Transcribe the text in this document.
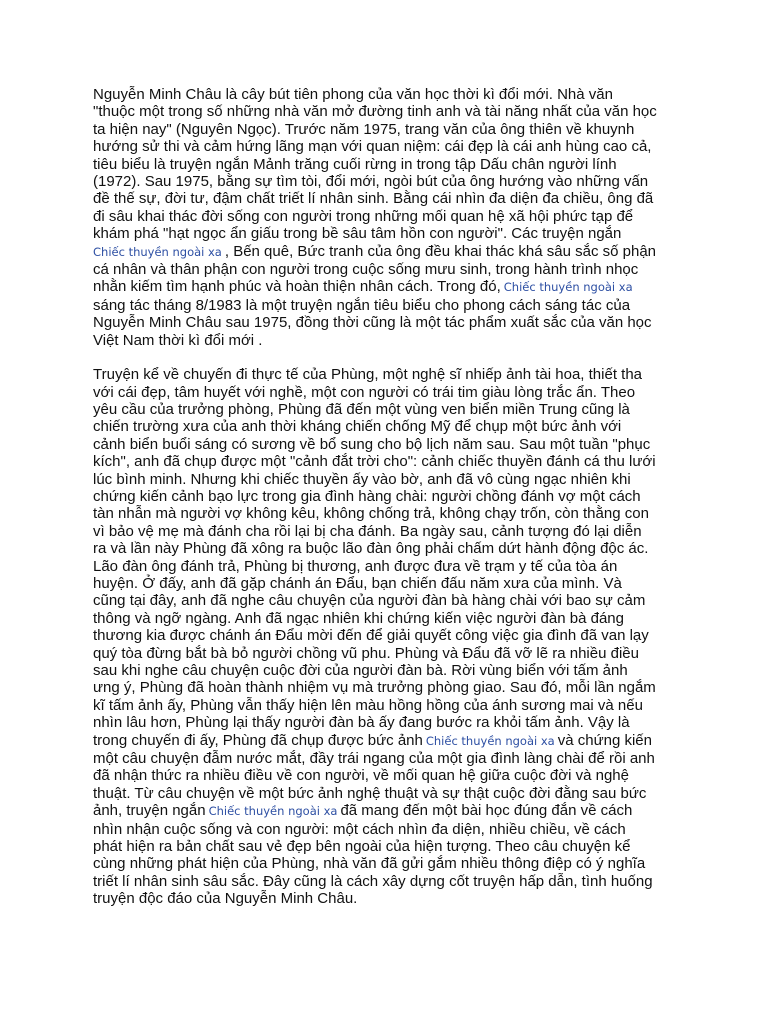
Nguyễn Minh Châu là cây bút tiên phong của văn học thời kì đổi mới. Nhà văn
"thuộc một trong số những nhà văn mở đường tinh anh và tài năng nhất của văn học
ta hiện nay" (Nguyên Ngọc). Trước năm 1975, trang văn của ông thiên về khuynh
hướng sử thi và cảm hứng lãng mạn với quan niệm: cái đẹp là cái anh hùng cao cả,
tiêu biểu là truyện ngắn Mảnh trăng cuối rừng in trong tập Dấu chân người lính
(1972). Sau 1975, bằng sự tìm tòi, đổi mới, ngòi bút của ông hướng vào những vấn
đề thế sự, đời tư, đậm chất triết lí nhân sinh. Bằng cái nhìn đa diện đa chiều, ông đã
đi sâu khai thác đời sống con người trong những mối quan hệ xã hội phức tạp để
khám phá "hạt ngọc ẩn giấu trong bề sâu tâm hồn con người". Các truyện ngắn
Chiếc thuyền ngoài xa , Bến quê, Bức tranh của ông đều khai thác khá sâu sắc số phận
cá nhân và thân phận con người trong cuộc sống mưu sinh, trong hành trình nhọc
nhằn kiếm tìm hạnh phúc và hoàn thiện nhân cách. Trong đó, Chiếc thuyền ngoài xa
sáng tác tháng 8/1983 là một truyện ngắn tiêu biểu cho phong cách sáng tác của
Nguyễn Minh Châu sau 1975, đồng thời cũng là một tác phẩm xuất sắc của văn học
Việt Nam thời kì đổi mới .

Truyện kể về chuyến đi thực tế của Phùng, một nghệ sĩ nhiếp ảnh tài hoa, thiết tha
với cái đẹp, tâm huyết với nghề, một con người có trái tim giàu lòng trắc ẩn. Theo
yêu cầu của trưởng phòng, Phùng đã đến một vùng ven biển miền Trung cũng là
chiến trường xưa của anh thời kháng chiến chống Mỹ để chụp một bức ảnh với
cảnh biển buổi sáng có sương về bổ sung cho bộ lịch năm sau. Sau một tuần "phục
kích", anh đã chụp được một "cảnh đắt trời cho": cảnh chiếc thuyền đánh cá thu lưới
lúc bình minh. Nhưng khi chiếc thuyền ấy vào bờ, anh đã vô cùng ngạc nhiên khi
chứng kiến cảnh bạo lực trong gia đình hàng chài: người chồng đánh vợ một cách
tàn nhẫn mà người vợ không kêu, không chống trả, không chạy trốn, còn thằng con
vì bảo vệ mẹ mà đánh cha rồi lại bị cha đánh. Ba ngày sau, cảnh tượng đó lại diễn
ra và lần này Phùng đã xông ra buộc lão đàn ông phải chấm dứt hành động độc ác.
Lão đàn ông đánh trả, Phùng bị thương, anh được đưa về trạm y tế của tòa án
huyện. Ở đấy, anh đã gặp chánh án Đẩu, bạn chiến đấu năm xưa của mình. Và
cũng tại đây, anh đã nghe câu chuyện của người đàn bà hàng chài với bao sự cảm
thông và ngỡ ngàng. Anh đã ngạc nhiên khi chứng kiến việc người đàn bà đáng
thương kia được chánh án Đẩu mời đến để giải quyết công việc gia đình đã van lạy
quý tòa đừng bắt bà bỏ người chồng vũ phu. Phùng và Đẩu đã vỡ lẽ ra nhiều điều
sau khi nghe câu chuyện cuộc đời của người đàn bà. Rời vùng biển với tấm ảnh
ưng ý, Phùng đã hoàn thành nhiệm vụ mà trưởng phòng giao. Sau đó, mỗi lần ngắm
kĩ tấm ảnh ấy, Phùng vẫn thấy hiện lên màu hồng hồng của ánh sương mai và nếu
nhìn lâu hơn, Phùng lại thấy người đàn bà ấy đang bước ra khỏi tấm ảnh. Vậy là
trong chuyến đi ấy, Phùng đã chụp được bức ảnh Chiếc thuyền ngoài xa và chứng kiến
một câu chuyện đẫm nước mắt, đầy trái ngang của một gia đình làng chài để rồi anh
đã nhận thức ra nhiều điều về con người, về mối quan hệ giữa cuộc đời và nghệ
thuật. Từ câu chuyện về một bức ảnh nghệ thuật và sự thật cuộc đời đằng sau bức
ảnh, truyện ngắn Chiếc thuyền ngoài xa đã mang đến một bài học đúng đắn về cách
nhìn nhận cuộc sống và con người: một cách nhìn đa diện, nhiều chiều, về cách
phát hiện ra bản chất sau vẻ đẹp bên ngoài của hiện tượng. Theo câu chuyện kể
cùng những phát hiện của Phùng, nhà văn đã gửi gắm nhiều thông điệp có ý nghĩa
triết lí nhân sinh sâu sắc. Đây cũng là cách xây dựng cốt truyện hấp dẫn, tình huống
truyện độc đáo của Nguyễn Minh Châu.
